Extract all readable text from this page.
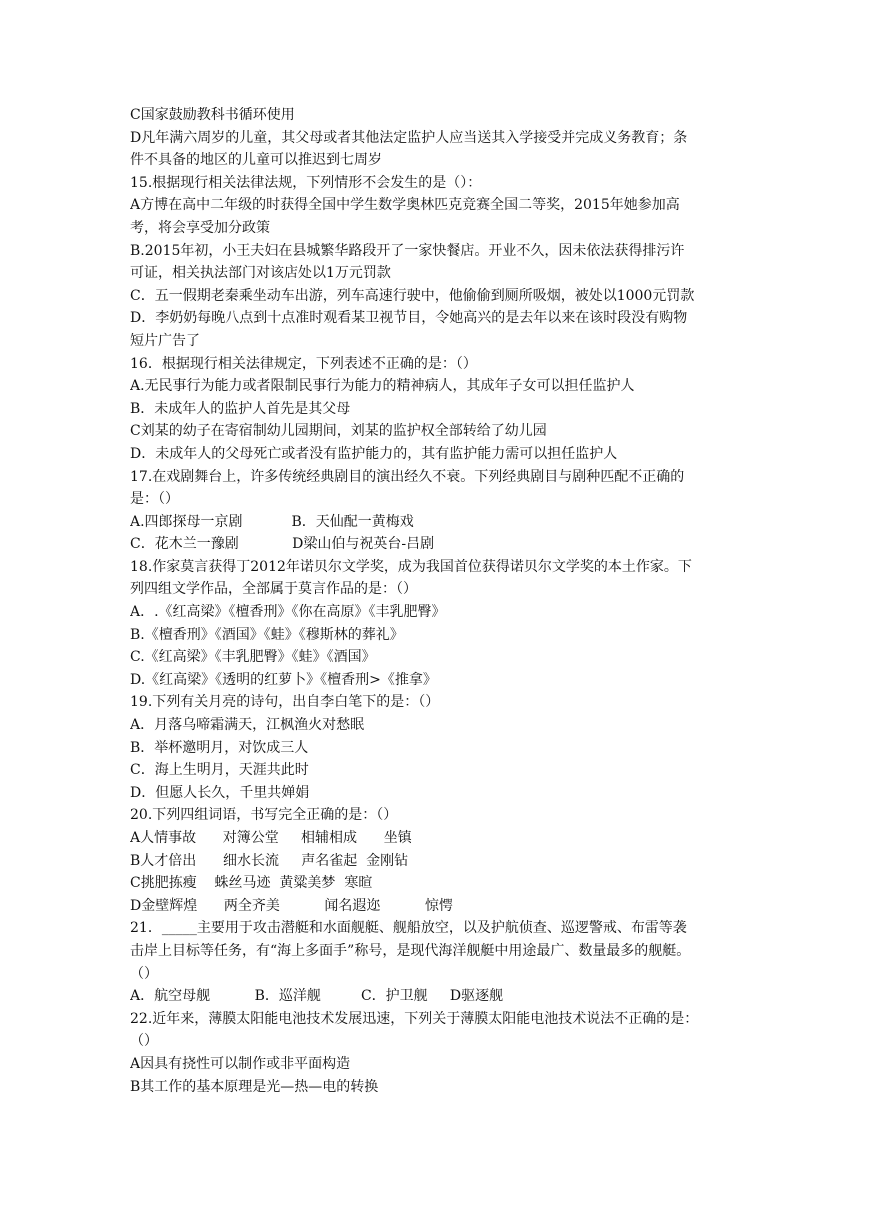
C国家鼓励教科书循环使用
D凡年满六周岁的儿童，其父母或者其他法定监护人应当送其入学接受并完成义务教育；条
件不具备的地区的儿童可以推迟到七周岁
15.根据现行相关法律法规，下列情形不会发生的是（）：
A方博在高中二年级的时获得全国中学生数学奥林匹克竞赛全国二等奖，2015年她参加高
考，将会享受加分政策
B.2015年初，小王夫妇在县城繁华路段开了一家快餐店。开业不久，因未依法获得排污许
可证，相关执法部门对该店处以1万元罚款
C．五一假期老秦乘坐动车出游，列车高速行驶中，他偷偷到厕所吸烟，被处以1000元罚款
D．李奶奶每晚八点到十点准时观看某卫视节目，令她高兴的是去年以来在该时段没有购物
短片广告了
16．根据现行相关法律规定，下列表述不正确的是：（）
A.无民事行为能力或者限制民事行为能力的精神病人，其成年子女可以担任监护人
B．未成年人的监护人首先是其父母
C刘某的幼子在寄宿制幼儿园期间，刘某的监护权全部转给了幼儿园
D．未成年人的父母死亡或者没有监护能力的，其有监护能力需可以担任监护人
17.在戏剧舞台上，许多传统经典剧目的演出经久不衰。下列经典剧目与剧种匹配不正确的
是：（）
A.四郎探母一京剧           B．天仙配一黄梅戏
C．花木兰一豫剧            D梁山伯与祝英台-吕剧
18.作家莫言获得丁2012年诺贝尔文学奖，成为我国首位获得诺贝尔文学奖的本土作家。下
列四组文学作品，全部属于莫言作品的是：（）
A．.《红高梁》《檀香刑》《你在高原》《丰乳肥臀》
B.《檀香刑》《酒国》《蛙》《穆斯林的葬礼》
C.《红高梁》《丰乳肥臀》《蛙》《酒国》
D.《红高梁》《透明的红萝卜》《檀香刑>《推拿》
19.下列有关月亮的诗句，出自李白笔下的是：（）
A．月落乌啼霜满天，江枫渔火对愁眠
B．举杯邀明月，对饮成三人
C．海上生明月，天涯共此时
D．但愿人长久，千里共婵娟
20.下列四组词语，书写完全正确的是：（）
A人情事故      对簿公堂     相辅相成      坐镇
B人才倍出      细水长流     声名雀起  金刚钻
C挑肥拣瘦    蛛丝马迹  黄粱美梦  寒暄
D金壁辉煌      两全齐美          闻名遐迩          惊愕
21．_____主要用于攻击潜艇和水面舰艇、舰船放空，以及护航侦查、巡逻警戒、布雷等袭
击岸上目标等任务，有“海上多面手”称号，是现代海洋舰艇中用途最广、数量最多的舰艇。
（）
A．航空母舰          B．巡洋舰         C．护卫舰     D驱逐舰
22.近年来，薄膜太阳能电池技术发展迅速，下列关于薄膜太阳能电池技术说法不正确的是：
（）
A因具有挠性可以制作或非平面构造
B其工作的基本原理是光—热—电的转换
